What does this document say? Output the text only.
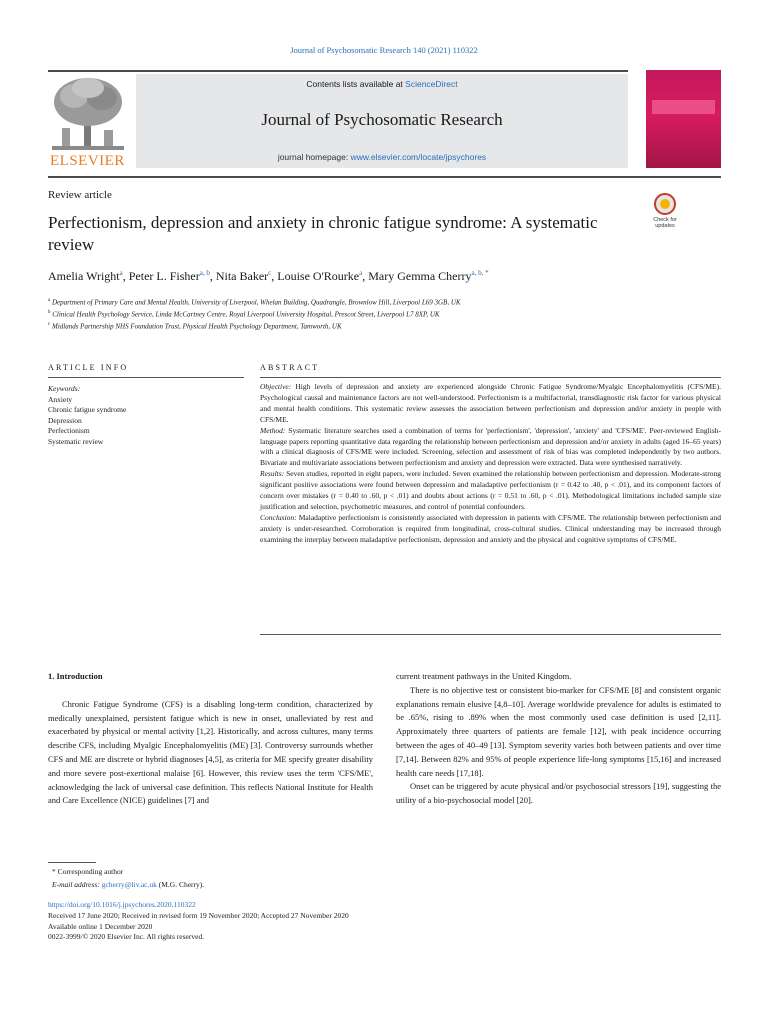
Journal of Psychosomatic Research 140 (2021) 110322
ELSEVIER
Contents lists available at ScienceDirect
Journal of Psychosomatic Research
journal homepage: www.elsevier.com/locate/jpsychores
Review article
Perfectionism, depression and anxiety in chronic fatigue syndrome: A systematic review
Check for updates
Amelia Wright$^a$, Peter L. Fisher$^{a, b}$, Nita Baker$^c$, Louise O'Rourke$^a$, Mary Gemma Cherry$^{a, b, *}$
$^a$ Department of Primary Care and Mental Health, University of Liverpool, Whelan Building, Quadrangle, Brownlow Hill, Liverpool L69 3GB, UK
$^b$ Clinical Health Psychology Service, Linda McCartney Centre, Royal Liverpool University Hospital, Prescot Street, Liverpool L7 8XP, UK
$^c$ Midlands Partnership NHS Foundation Trust, Physical Health Psychology Department, Tamworth, UK
ARTICLE INFO	ABSTRACT
Keywords:
Anxiety
Chronic fatigue syndrome
Depression
Perfectionism
Systematic review

Objective: High levels of depression and anxiety are experienced alongside Chronic Fatigue Syndrome/Myalgic Encephalomyelitis (CFS/ME). Psychological causal and maintenance factors are not well-understood. Perfectionism is a multifactorial, transdiagnostic risk factor for various physical and mental health conditions. This systematic review assesses the association between perfectionism and depression and/or anxiety in people with CFS/ME.

Method: Systematic literature searches used a combination of terms for 'perfectionism', 'depression', 'anxiety' and 'CFS/ME'. Peer-reviewed English-language papers reporting quantitative data regarding the relationship between perfectionism and depression and/or anxiety in adults (aged 16–65 years) with a clinical diagnosis of CFS/ME were included. Screening, selection and assessment of risk of bias was completed independently by two authors. Bivariate and multivariate associations between perfectionism and anxiety and depression were extracted. Data were synthesised narratively.

Results: Seven studies, reported in eight papers, were included. Seven examined the relationship between perfectionism and depression. Moderate-strong significant positive associations were found between depression and maladaptive perfectionism (r = 0.42 to .40, p < .01), and its component factors of concern over mistakes (r = 0.40 to .60, p < .01) and doubts about actions (r = 0.51 to .60, p < .01). Methodological limitations included sample size justification and selection, psychometric measures, and control of potential confounders.

Conclusion: Maladaptive perfectionism is consistently associated with depression in patients with CFS/ME. The relationship between perfectionism and anxiety is under-researched. Corroboration is required from longitudinal, cross-cultural studies. Clinical understanding may be increased through examining the interplay between maladaptive perfectionism, depression and anxiety and the physical and cognitive symptoms of CFS/ME.

1. Introduction
Chronic Fatigue Syndrome (CFS) is a disabling long-term condition, characterized by medically unexplained, persistent fatigue which is new in onset, unalleviated by rest and exacerbated by physical or mental activity [1,2]. Historically, and across cultures, many terms describe CFS, including Myalgic Encephalomyelitis (ME) [3]. Controversy surrounds whether CFS and ME are discrete or hybrid diagnoses [4,5], as criteria for ME specify greater disability and more severe post-exertional malaise [6]. However, this review uses the term 'CFS/ME', acknowledging the lack of universal case definition. This reflects National Institute for Health and Care Excellence (NICE) guidelines [7] and
current treatment pathways in the United Kingdom.
There is no objective test or consistent bio-marker for CFS/ME [8] and consistent organic explanations remain elusive [4,8–10]. Average worldwide prevalence for adults is estimated to be .65%, rising to .89% when the most commonly used case definition is used [2,11]. Approximately three quarters of patients are female [12], with peak incidence occurring between the ages of 40–49 [13]. Symptom severity varies both between patients and over time [7,14]. Between 82% and 95% of people experience life-long symptoms [15,16] and increased health care needs [17,18].
Onset can be triggered by acute physical and/or psychosocial stressors [19], suggesting the utility of a bio-psychosocial model [20].
* Corresponding author
E-mail address: gcherry@liv.ac.uk (M.G. Cherry).
https://doi.org/10.1016/j.jpsychores.2020.110322
Received 17 June 2020; Received in revised form 19 November 2020; Accepted 27 November 2020
Available online 1 December 2020
0022-3999/© 2020 Elsevier Inc. All rights reserved.
